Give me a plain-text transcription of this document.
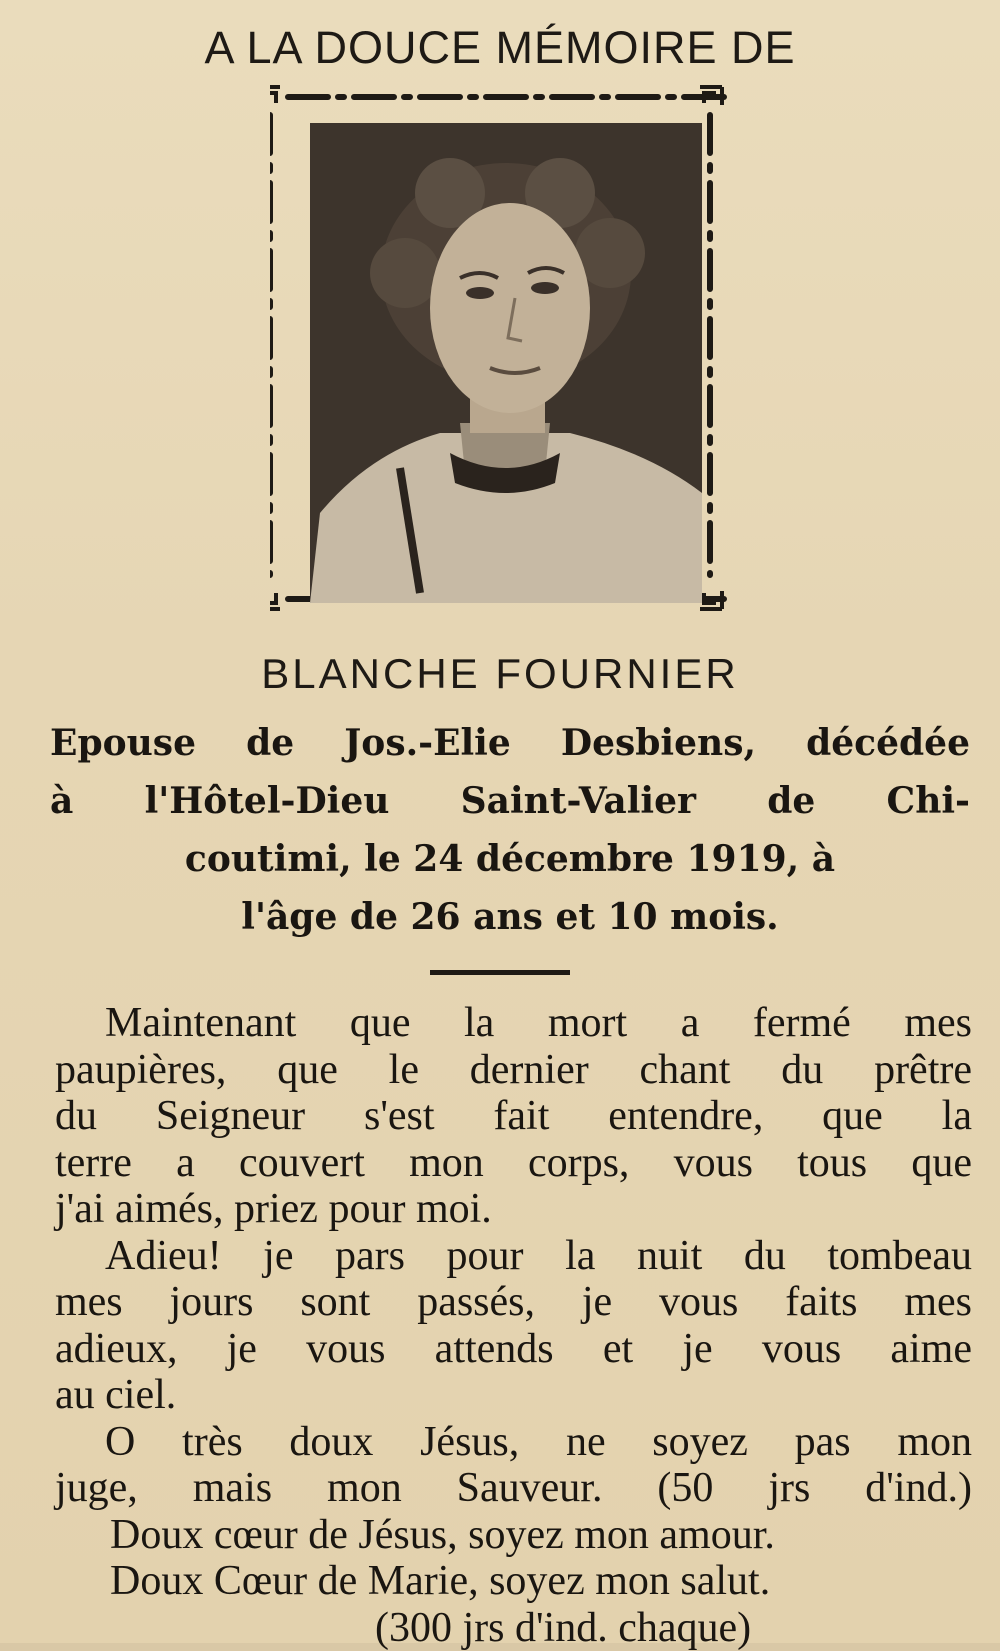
A LA DOUCE MÉMOIRE DE
BLANCHE FOURNIER
Epouse de Jos.-Elie Desbiens, décédée
à l'Hôtel-Dieu Saint-Valier de Chi-
coutimi, le 24 décembre 1919, à
l'âge de 26 ans et 10 mois.
Maintenant que la mort a fermé mes
paupières, que le dernier chant du prêtre
du Seigneur s'est fait entendre, que la
terre a couvert mon corps, vous tous que
j'ai aimés, priez pour moi.
Adieu! je pars pour la nuit du tombeau
mes jours sont passés, je vous faits mes
adieux, je vous attends et je vous aime
au ciel.
O très doux Jésus, ne soyez pas mon
juge, mais mon Sauveur. (50 jrs d'ind.)
Doux cœur de Jésus, soyez mon amour.
Doux Cœur de Marie, soyez mon salut.
(300 jrs d'ind. chaque)
